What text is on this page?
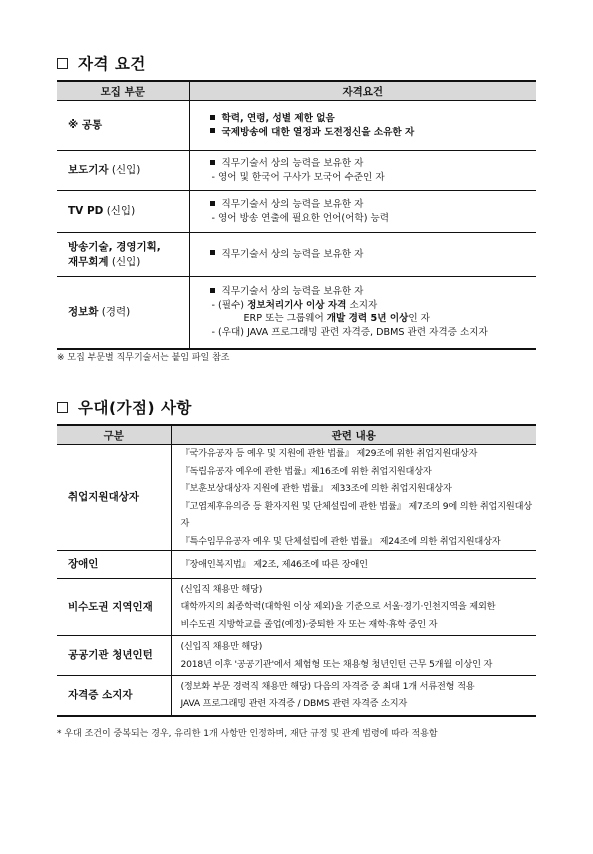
자격 요건
모집 부문	자격요건
※ 공통	학력, 연령, 성별 제한 없음
국제방송에 대한 열정과 도전정신을 소유한 자

보도기자 (신입)	직무기술서 상의 능력을 보유한 자
- 영어 및 한국어 구사가 모국어 수준인 자

TV PD (신입)	직무기술서 상의 능력을 보유한 자
- 영어 방송 연출에 필요한 언어(어학) 능력

방송기술, 경영기획,
재무회계 (신입)	직무기술서 상의 능력을 보유한 자

정보화 (경력)	직무기술서 상의 능력을 보유한 자
- (필수) 정보처리기사 이상 자격 소지자
ERP 또는 그룹웨어 개발 경력 5년 이상인 자
- (우대) JAVA 프로그래밍 관련 자격증, DBMS 관련 자격증 소지자
※ 모집 부문별 직무기술서는 붙임 파일 참조
우대(가점) 사항
구분	관련 내용
취업지원대상자	『국가유공자 등 예우 및 지원에 관한 법률』 제29조에 위한 취업지원대상자
『독립유공자 예우에 관한 법률』제16조에 위한 취업지원대상자
『보훈보상대상자 지원에 관한 법률』 제33조에 의한 취업지원대상자
『고엽제후유의증 등 환자지원 및 단체설립에 관한 법률』 제7조의 9에 의한 취업지원대상자
『특수임무유공자 예우 및 단체설립에 관한 법률』 제24조에 의한 취업지원대상자

장애인	『장애인복지법』 제2조, 제46조에 따른 장애인

비수도권 지역인재	(신입직 채용만 해당)
대학까지의 최종학력(대학원 이상 제외)을 기준으로 서울·경기·인천지역을 제외한
비수도권 지방학교를 졸업(예정)·중퇴한 자 또는 재학·휴학 중인 자

공공기관 청년인턴	(신입직 채용만 해당)
2018년 이후 '공공기관'에서 체험형 또는 채용형 청년인턴 근무 5개월 이상인 자

자격증 소지자	(정보화 부문 경력직 채용만 해당) 다음의 자격증 중 최대 1개 서류전형 적용
JAVA 프로그래밍 관련 자격증 / DBMS 관련 자격증 소지자
* 우대 조건이 중복되는 경우, 유리한 1개 사항만 인정하며, 재단 규정 및 관계 법령에 따라 적용함
